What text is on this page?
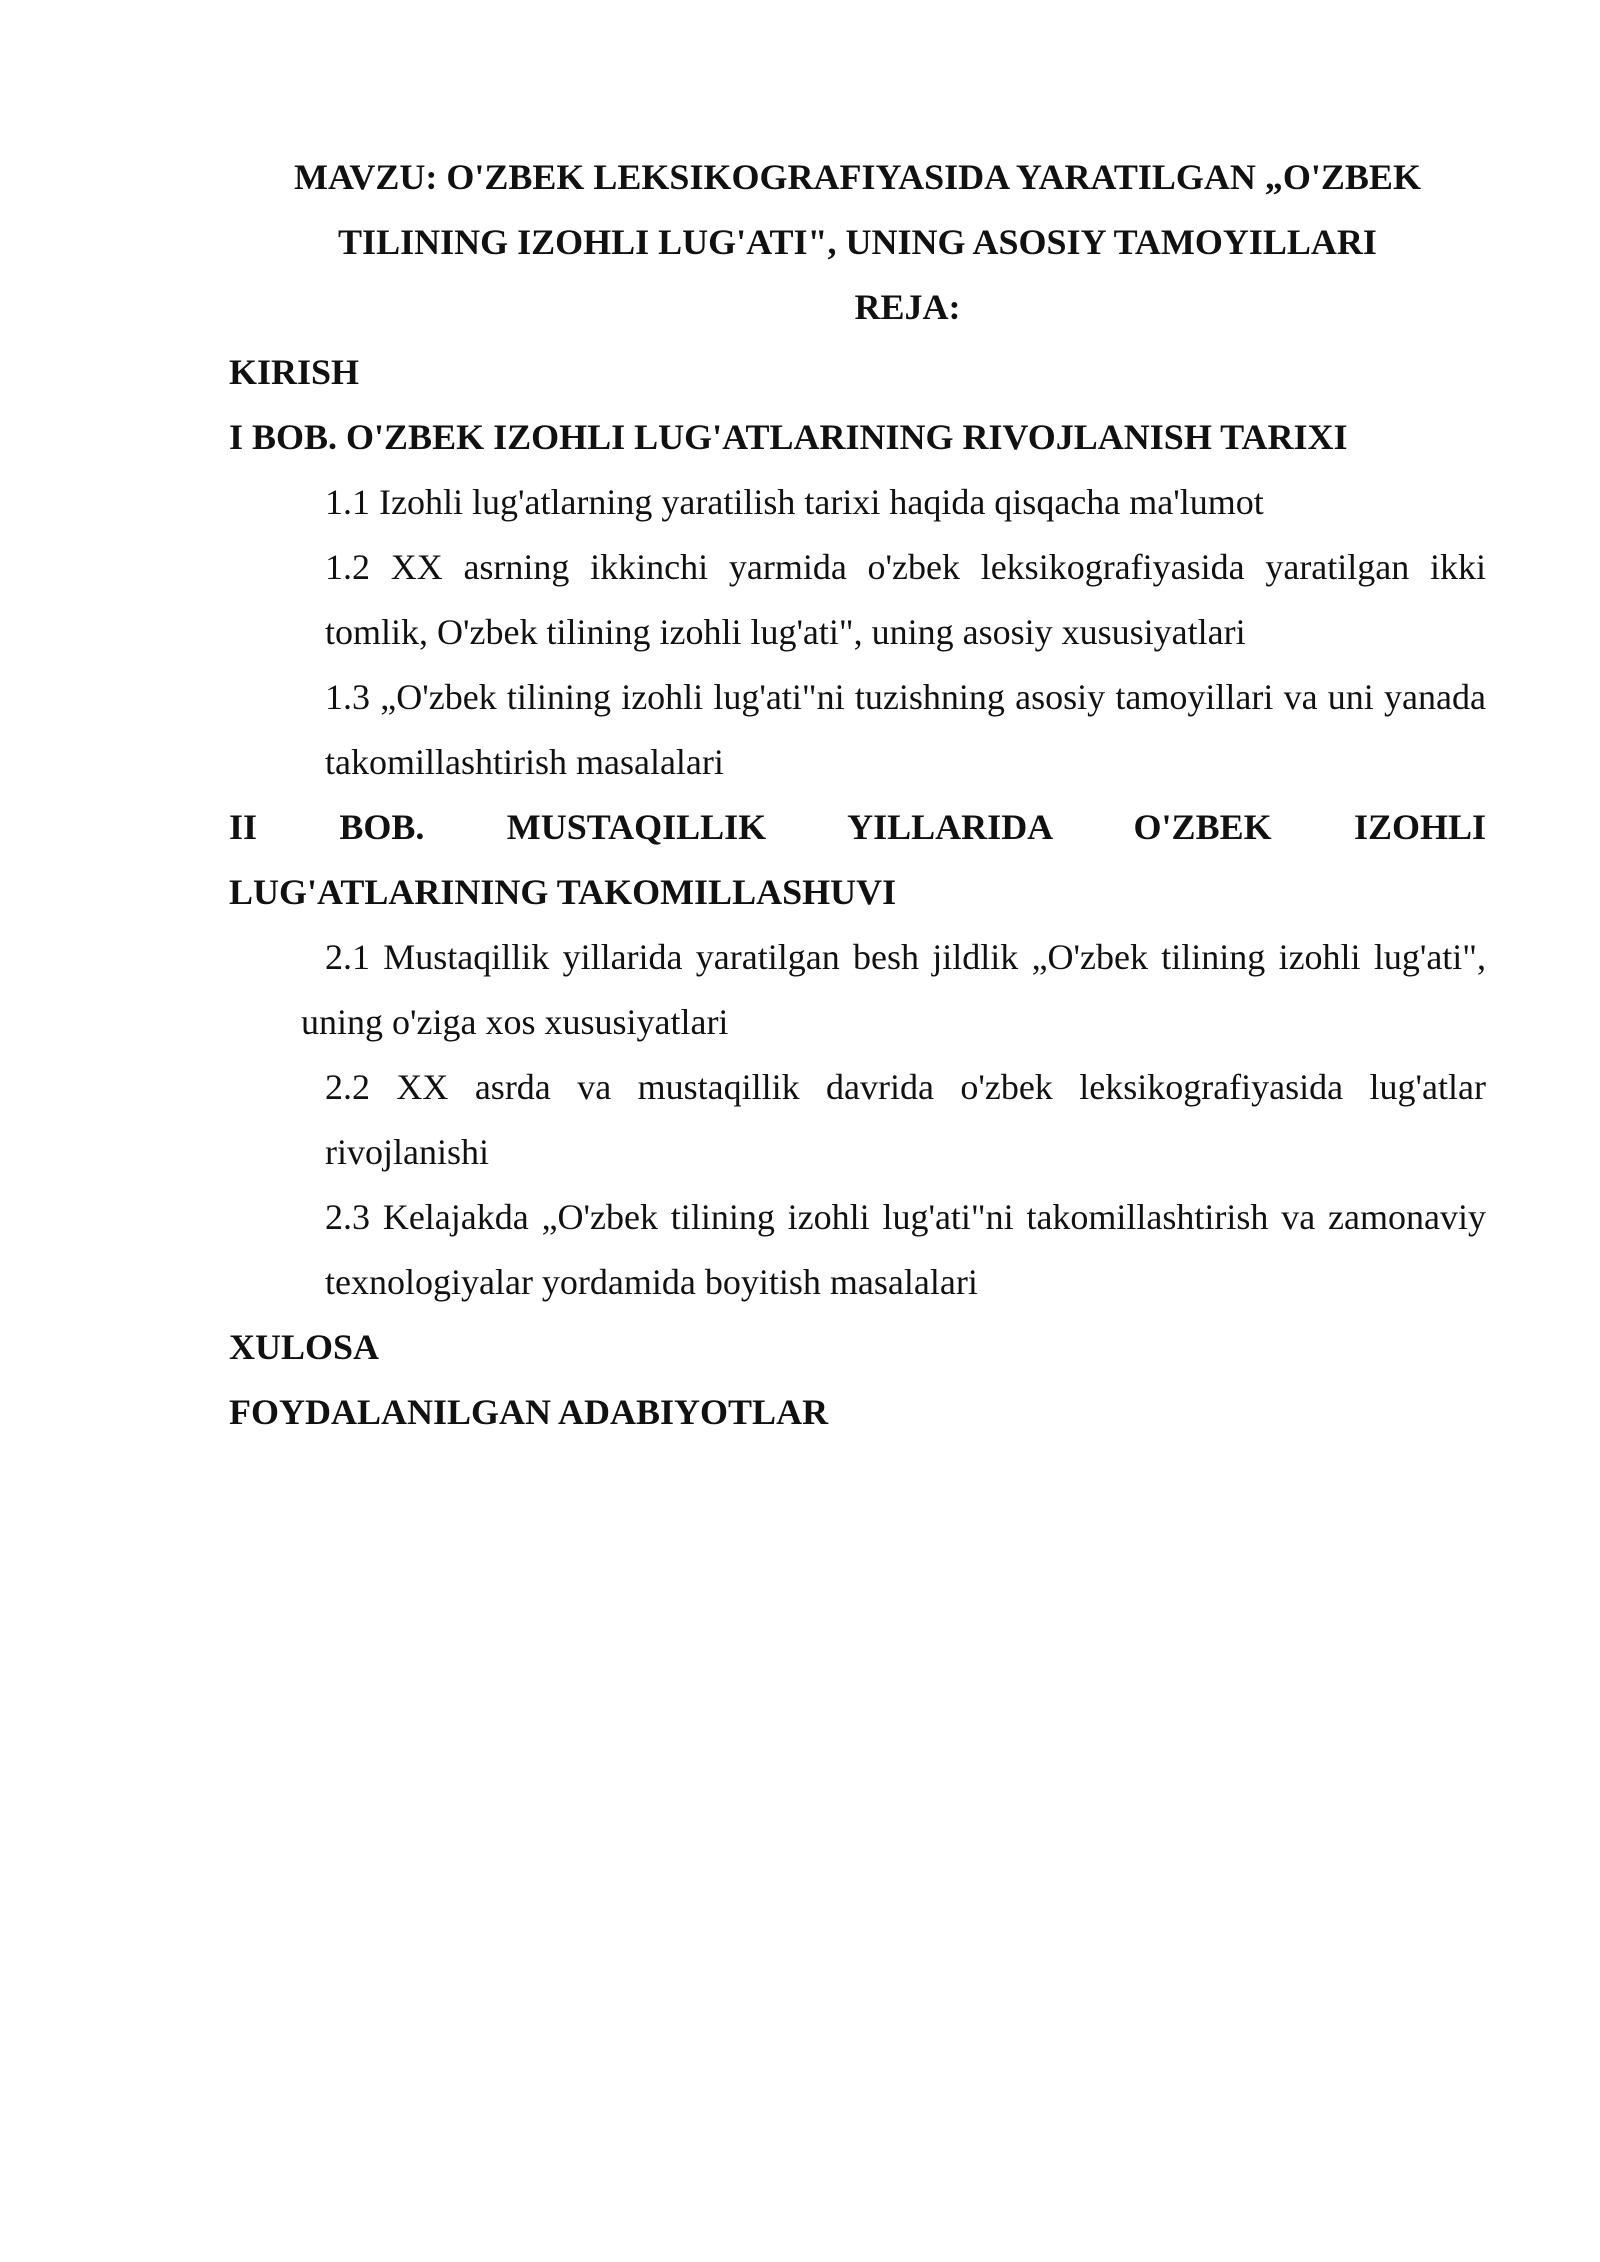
MAVZU: O'ZBEK LEKSIKOGRAFIYASIDA YARATILGAN „O'ZBEK
TILINING IZOHLI LUG'ATI", UNING ASOSIY TAMOYILLARI

REJA:

KIRISH

I BOB. O'ZBEK IZOHLI LUG'ATLARINING RIVOJLANISH TARIXI

1.1 Izohli lug'atlarning yaratilish tarixi haqida qisqacha ma'lumot

1.2 XX asrning ikkinchi yarmida o'zbek leksikografiyasida yaratilgan ikki tomlik, O'zbek tilining izohli lug'ati", uning asosiy xususiyatlari

1.3 „O'zbek tilining izohli lug'ati"ni tuzishning asosiy tamoyillari va uni yanada takomillashtirish masalalari

II BOB. MUSTAQILLIK YILLARIDA O'ZBEK IZOHLI
LUG'ATLARINING TAKOMILLASHUVI

2.1 Mustaqillik yillarida yaratilgan besh jildlik „O'zbek tilining izohli lug'ati",uning o'ziga xos xususiyatlari

2.2 XX asrda va mustaqillik davrida o'zbek leksikografiyasida lug'atlar rivojlanishi

2.3 Kelajakda „O'zbek tilining izohli lug'ati"ni takomillashtirish va zamonaviy texnologiyalar yordamida boyitish masalalari

XULOSA

FOYDALANILGAN ADABIYOTLAR
